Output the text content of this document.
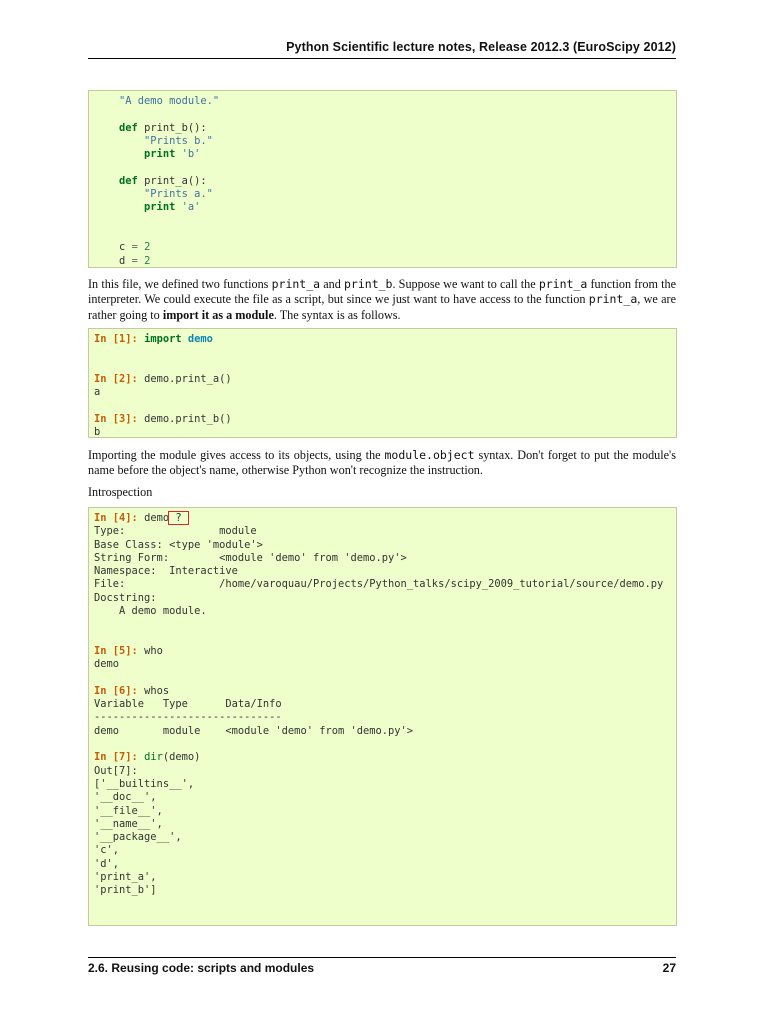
Python Scientific lecture notes, Release 2012.3 (EuroScipy 2012)
"A demo module."

def print_b():
"Prints b."
print 'b'

def print_a():
"Prints a."
print 'a'

c = 2
d = 2
In this file, we defined two functions print_a and print_b. Suppose we want to call the print_a function from the interpreter. We could execute the file as a script, but since we just want to have access to the function print_a, we are rather going to import it as a module. The syntax is as follows.
In [1]: import demo

In [2]: demo.print_a()
a

In [3]: demo.print_b()
b
Importing the module gives access to its objects, using the module.object syntax. Don't forget to put the module's name before the object's name, otherwise Python won't recognize the instruction.
Introspection
In [4]: demo ?
Type:               module
Base Class: <type 'module'>
String Form:        <module 'demo' from 'demo.py'>
Namespace:  Interactive
File:               /home/varoquau/Projects/Python_talks/scipy_2009_tutorial/source/demo.py
Docstring:
A demo module.

In [5]: who
demo

In [6]: whos
Variable   Type      Data/Info
------------------------------
demo       module    <module 'demo' from 'demo.py'>

In [7]: dir(demo)
Out[7]:
['__builtins__',
'__doc__',
'__file__',
'__name__',
'__package__',
'c',
'd',
'print_a',
'print_b']
2.6. Reusing code: scripts and modules	27
